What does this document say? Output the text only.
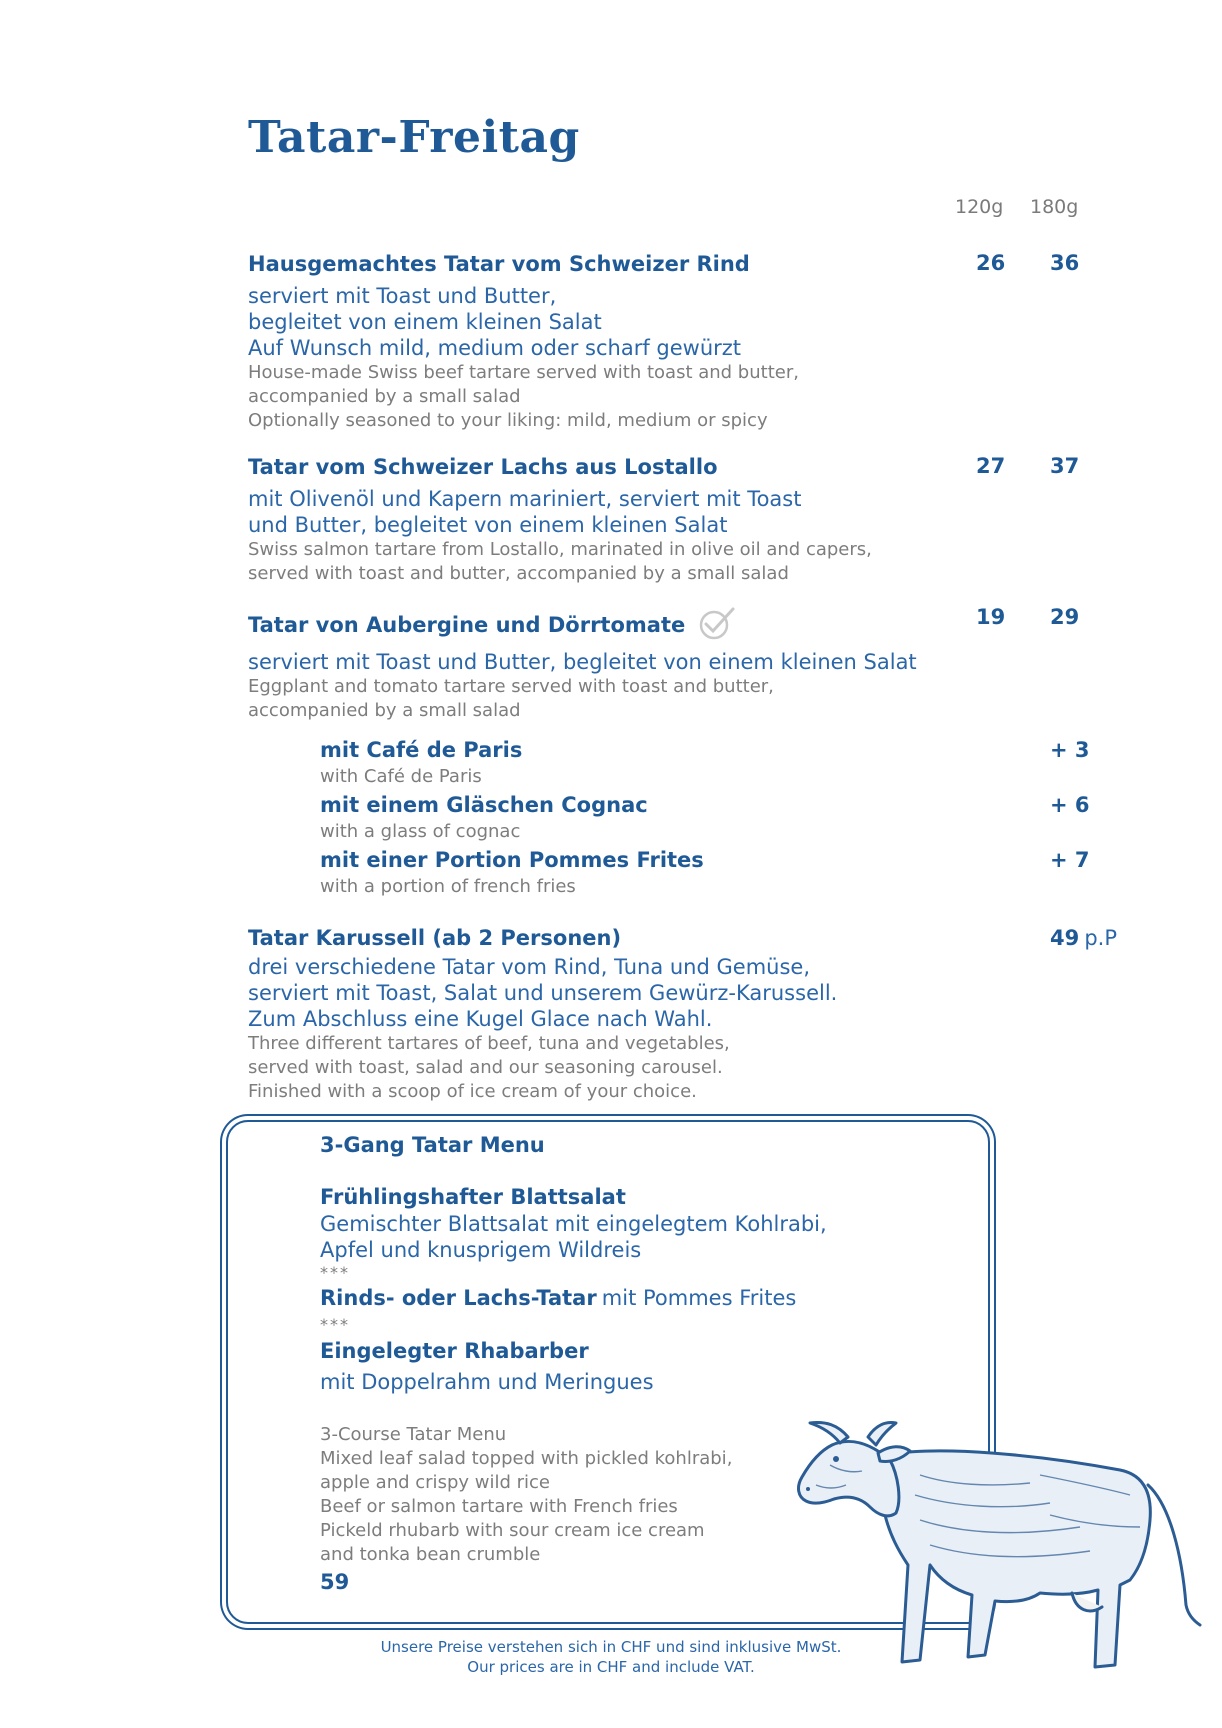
Tatar-Freitag
120g 180g
Hausgemachtes Tatar vom Schweizer Rind
serviert mit Toast und Butter,
begleitet von einem kleinen Salat
Auf Wunsch mild, medium oder scharf gewürzt
House-made Swiss beef tartare served with toast and butter,
accompanied by a small salad
Optionally seasoned to your liking: mild, medium or spicy
26 36
Tatar vom Schweizer Lachs aus Lostallo
mit Olivenöl und Kapern mariniert, serviert mit Toast
und Butter, begleitet von einem kleinen Salat
Swiss salmon tartare from Lostallo, marinated in olive oil and capers,
served with toast and butter, accompanied by a small salad
27 37
Tatar von Aubergine und Dörrtomate
serviert mit Toast und Butter, begleitet von einem kleinen Salat
Eggplant and tomato tartare served with toast and butter,
accompanied by a small salad
19 29
mit Café de Paris
with Café de Paris
mit einem Gläschen Cognac
with a glass of cognac
mit einer Portion Pommes Frites
with a portion of french fries
+ 3
+ 6
+ 7
Tatar Karussell (ab 2 Personen)
drei verschiedene Tatar vom Rind, Tuna und Gemüse,
serviert mit Toast, Salat und unserem Gewürz-Karussell.
Zum Abschluss eine Kugel Glace nach Wahl.
Three different tartares of beef, tuna and vegetables,
served with toast, salad and our seasoning carousel.
Finished with a scoop of ice cream of your choice.
49 p.P
3-Gang Tatar Menu
Frühlingshafter Blattsalat
Gemischter Blattsalat mit eingelegtem Kohlrabi,
Apfel und knusprigem Wildreis
***
Rinds- oder Lachs-Tatar mit Pommes Frites
***
Eingelegter Rhabarber
mit Doppelrahm und Meringues
3-Course Tatar Menu
Mixed leaf salad topped with pickled kohlrabi,
apple and crispy wild rice
Beef or salmon tartare with French fries
Pickeld rhubarb with sour cream ice cream
and tonka bean crumble
59
Unsere Preise verstehen sich in CHF und sind inklusive MwSt.
Our prices are in CHF and include VAT.
